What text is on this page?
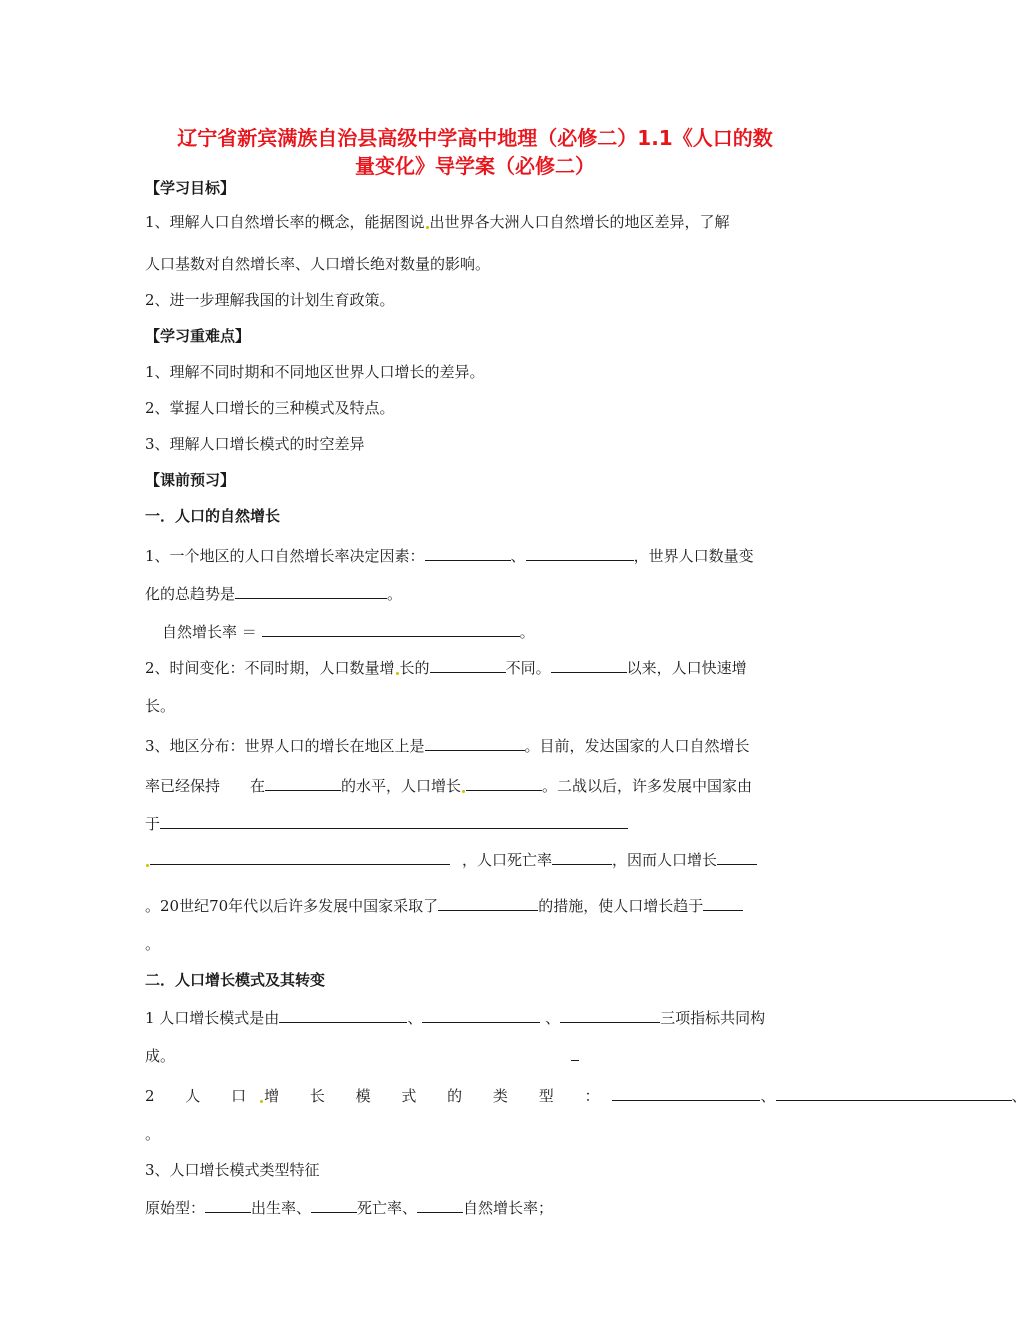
辽宁省新宾满族自治县高级中学高中地理（必修二）1.1《人口的数
量变化》导学案（必修二）
【学习目标】
1、理解人口自然增长率的概念，能据图说 出世界各大洲人口自然增长的地区差异，了解
人口基数对自然增长率、人口增长绝对数量的影响。
2、进一步理解我国的计划生育政策。
【学习重难点】
1、理解不同时期和不同地区世界人口增长的差异。
2、掌握人口增长的三种模式及特点。
3、理解人口增长模式的时空差异
【课前预习】
一．人口的自然增长
1、一个地区的人口自然增长率决定因素：	、	，世界人口数量变
化的总趋势是	。
自然增长率 ＝	。
2、时间变化：不同时期，人口数量增 长的	不同。	以来，人口快速增
长。
3、地区分布：世界人口的增长在地区上是	。目前，发达国家的人口自然增长
率已经保持 在	的水平，人口增长	。二战以后，许多发展中国家由
于
，人口死亡率	，因而人口增长
。20世纪70年代以后许多发展中国家采取了	的措施，使人口增长趋于
。
二．人口增长模式及其转变
1 人口增长模式是由	、	、	三项指标共同构
成。
2 人 口 增 长 模 式 的 类 型 ：	、	、
。
3、人口增长模式类型特征
原始型：	出生率、	死亡率、	自然增长率；
